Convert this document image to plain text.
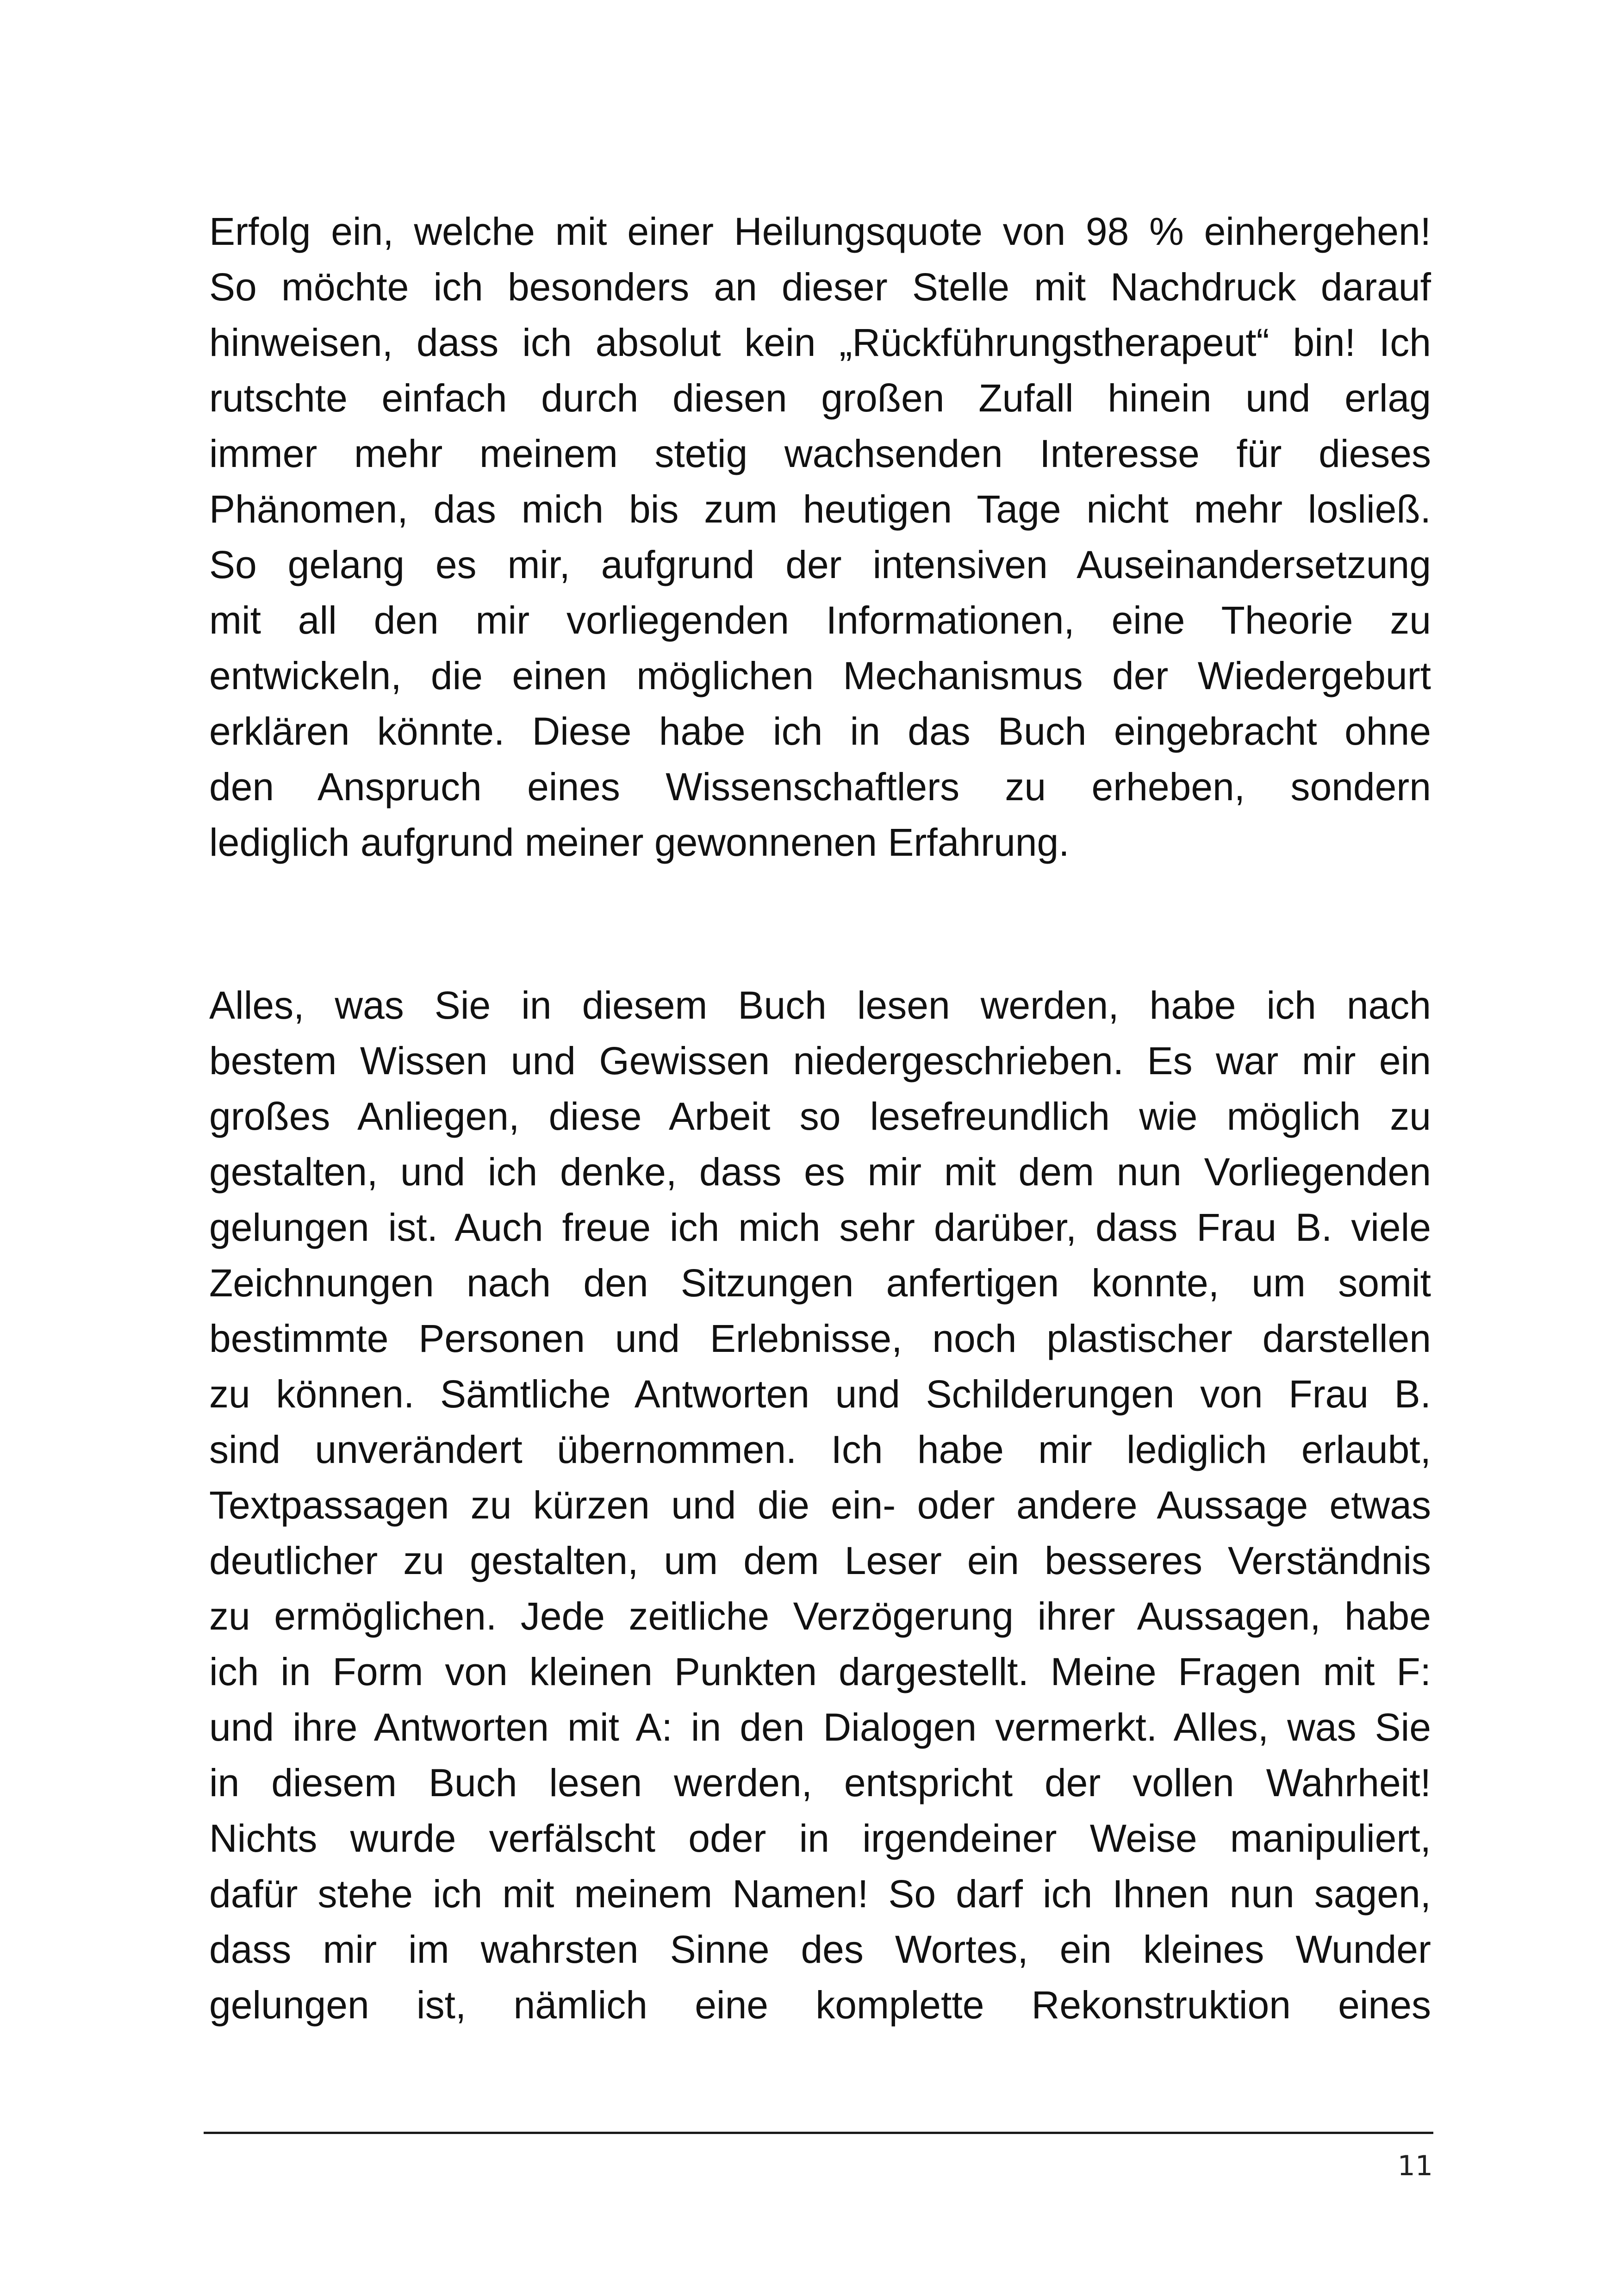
Erfolg ein, welche mit einer Heilungsquote von 98 % einhergehen!
So möchte ich besonders an dieser Stelle mit Nachdruck darauf
hinweisen, dass ich absolut kein „Rückführungstherapeut“ bin! Ich
rutschte einfach durch diesen großen Zufall hinein und erlag
immer mehr meinem stetig wachsenden Interesse für dieses
Phänomen, das mich bis zum heutigen Tage nicht mehr losließ.
So gelang es mir, aufgrund der intensiven Auseinandersetzung
mit all den mir vorliegenden Informationen, eine Theorie zu
entwickeln, die einen möglichen Mechanismus der Wiedergeburt
erklären könnte. Diese habe ich in das Buch eingebracht ohne
den Anspruch eines Wissenschaftlers zu erheben, sondern
lediglich aufgrund meiner gewonnenen Erfahrung.
Alles, was Sie in diesem Buch lesen werden, habe ich nach
bestem Wissen und Gewissen niedergeschrieben. Es war mir ein
großes Anliegen, diese Arbeit so lesefreundlich wie möglich zu
gestalten, und ich denke, dass es mir mit dem nun Vorliegenden
gelungen ist. Auch freue ich mich sehr darüber, dass Frau B. viele
Zeichnungen nach den Sitzungen anfertigen konnte, um somit
bestimmte Personen und Erlebnisse, noch plastischer darstellen
zu können. Sämtliche Antworten und Schilderungen von Frau B.
sind unverändert übernommen. Ich habe mir lediglich erlaubt,
Textpassagen zu kürzen und die ein- oder andere Aussage etwas
deutlicher zu gestalten, um dem Leser ein besseres Verständnis
zu ermöglichen. Jede zeitliche Verzögerung ihrer Aussagen, habe
ich in Form von kleinen Punkten dargestellt. Meine Fragen mit F:
und ihre Antworten mit A: in den Dialogen vermerkt. Alles, was Sie
in diesem Buch lesen werden, entspricht der vollen Wahrheit!
Nichts wurde verfälscht oder in irgendeiner Weise manipuliert,
dafür stehe ich mit meinem Namen! So darf ich Ihnen nun sagen,
dass mir im wahrsten Sinne des Wortes, ein kleines Wunder
gelungen ist, nämlich eine komplette Rekonstruktion eines
11
